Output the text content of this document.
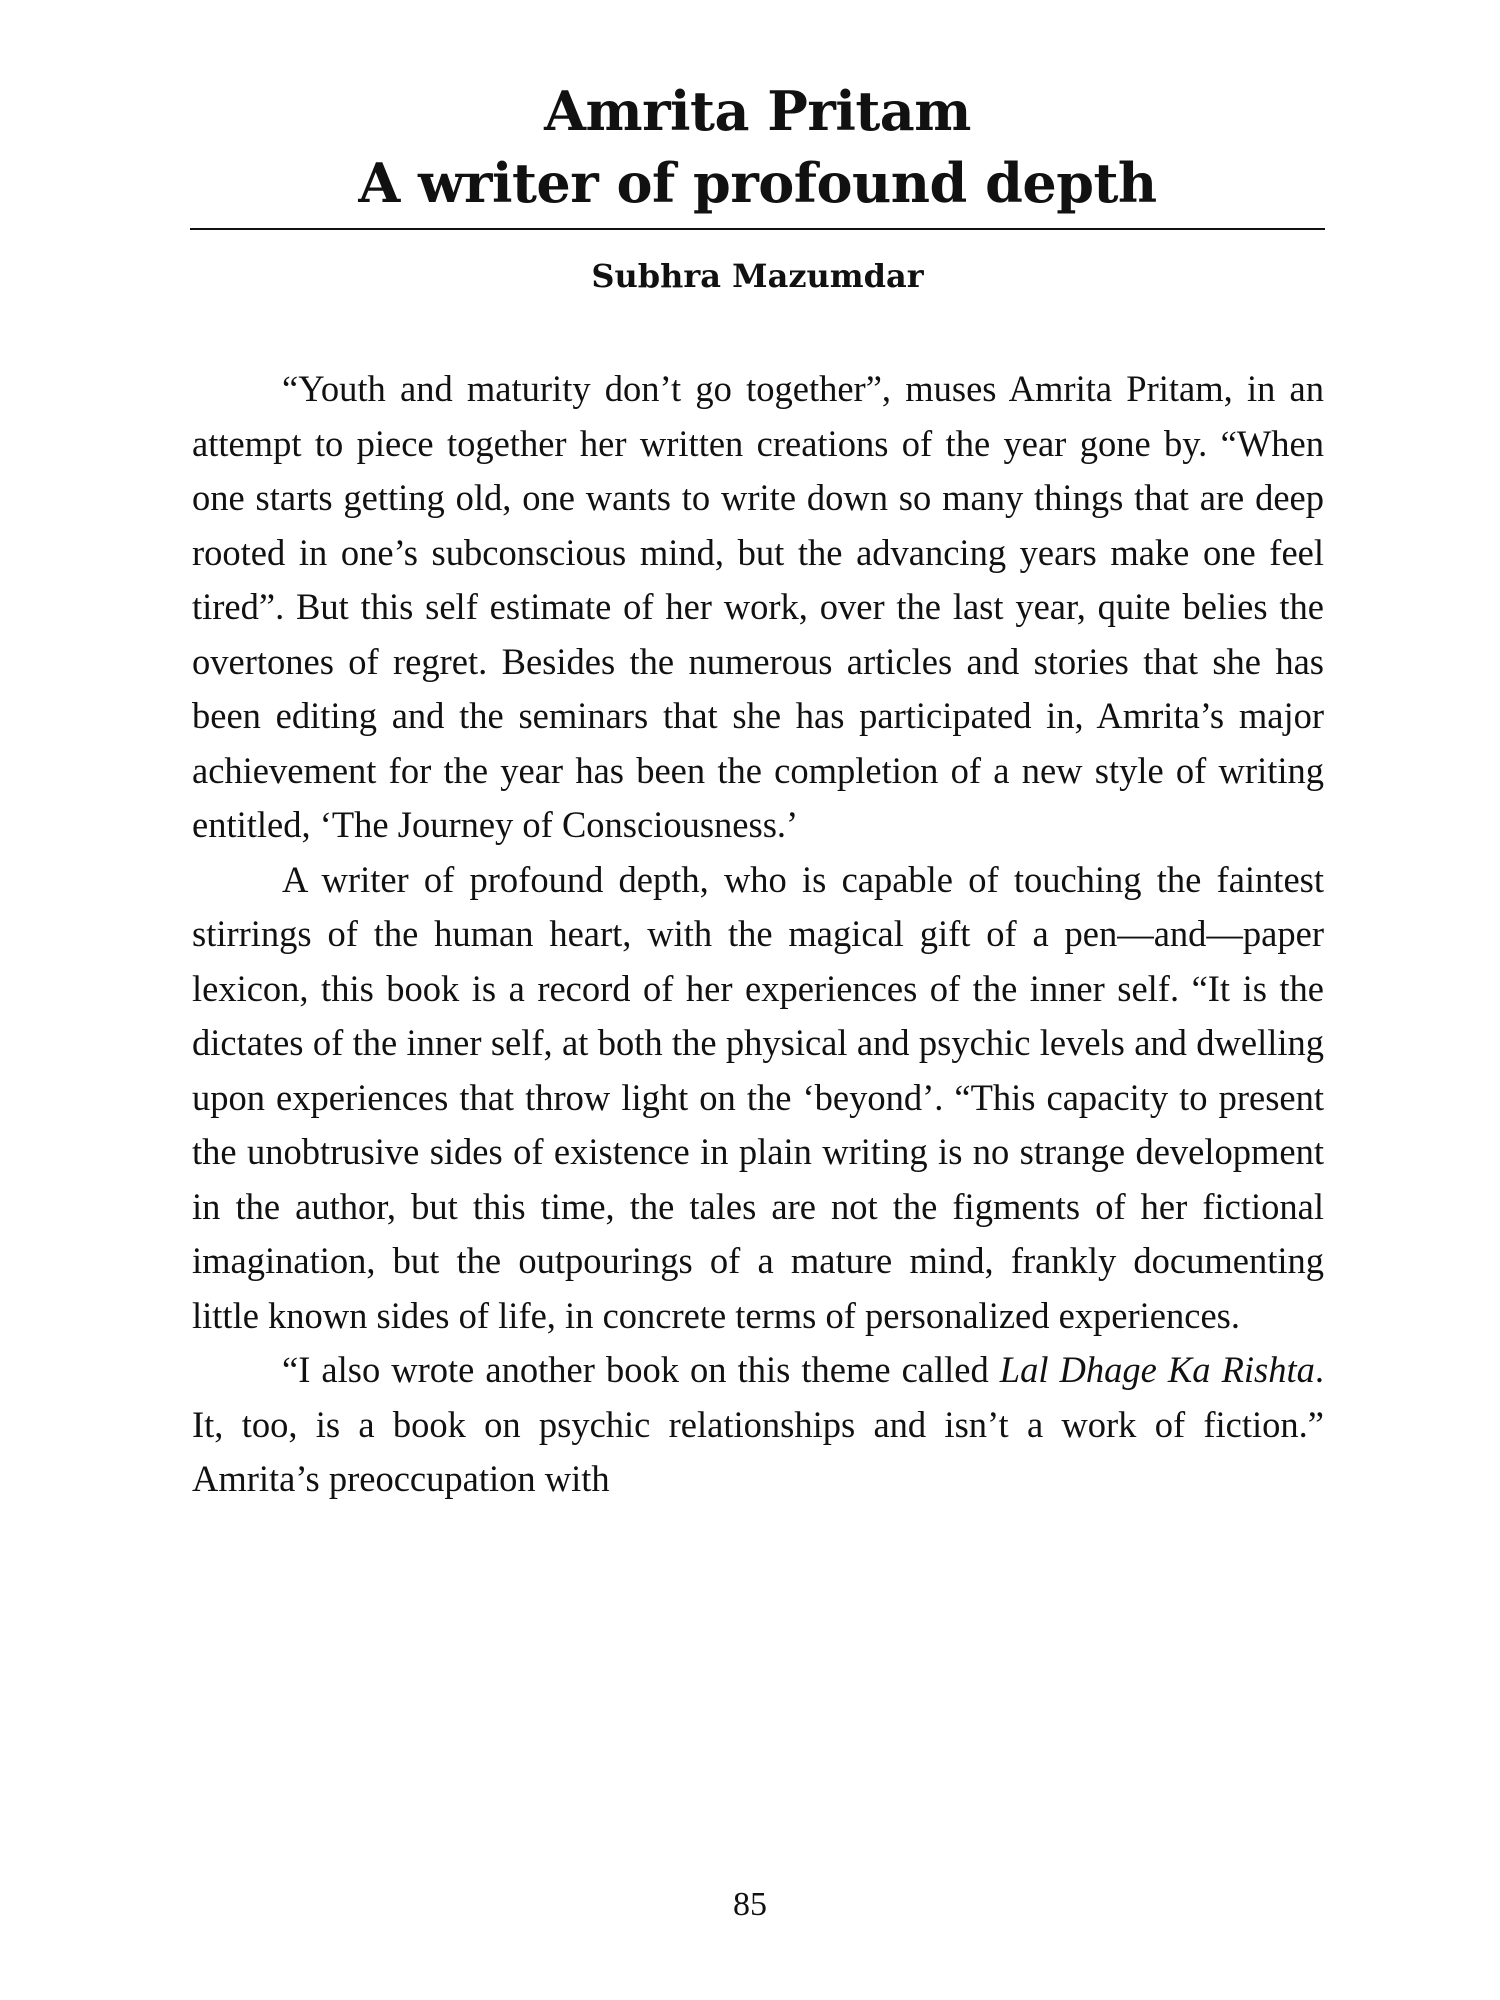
Amrita Pritam
A writer of profound depth

Subhra Mazumdar

“Youth and maturity don’t go together”, muses Amrita Pritam, in an attempt to piece together her written creations of the year gone by. “When one starts getting old, one wants to write down so many things that are deep rooted in one’s subconscious mind, but the advancing years make one feel tired”. But this self estimate of her work, over the last year, quite belies the overtones of regret. Besides the numerous articles and stories that she has been editing and the seminars that she has participated in, Amrita’s major achievement for the year has been the completion of a new style of writing entitled, ‘The Journey of Consciousness.’

A writer of profound depth, who is capable of touching the faintest stirrings of the human heart, with the magical gift of a pen—and—paper lexicon, this book is a record of her experiences of the inner self. “It is the dictates of the inner self, at both the physical and psychic levels and dwelling upon experiences that throw light on the ‘beyond’. “This capacity to present the unobtrusive sides of existence in plain writing is no strange development in the author, but this time, the tales are not the figments of her fictional imagination, but the outpourings of a mature mind, frankly documenting little known sides of life, in concrete terms of personalized experiences.

“I also wrote another book on this theme called Lal Dhage Ka Rishta. It, too, is a book on psychic relationships and isn’t a work of fiction.” Amrita’s preoccupation with

85
